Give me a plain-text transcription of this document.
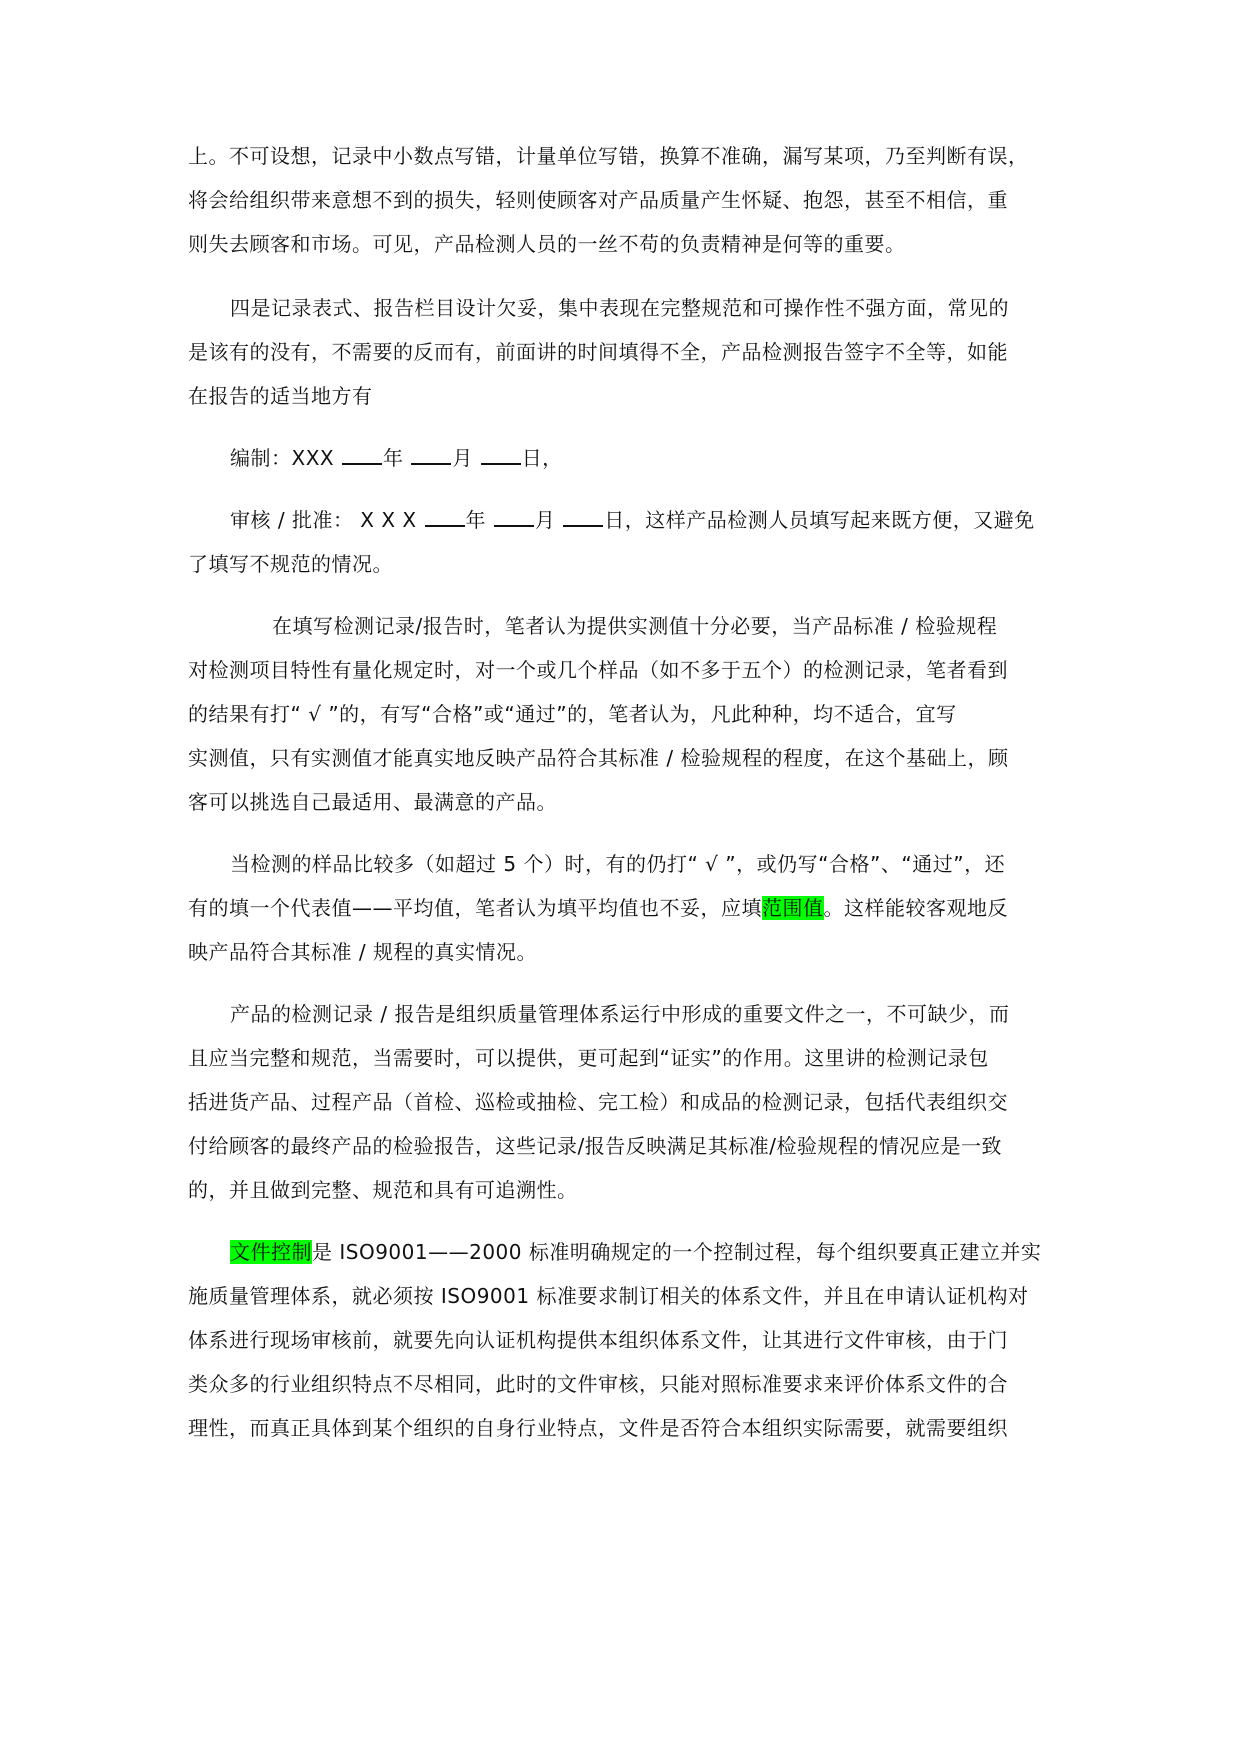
上。不可设想，记录中小数点写错，计量单位写错，换算不准确，漏写某项，乃至判断有误，
将会给组织带来意想不到的损失，轻则使顾客对产品质量产生怀疑、抱怨，甚至不相信，重
则失去顾客和市场。可见，产品检测人员的一丝不苟的负责精神是何等的重要。
四是记录表式、报告栏目设计欠妥，集中表现在完整规范和可操作性不强方面，常见的
是该有的没有，不需要的反而有，前面讲的时间填得不全，产品检测报告签字不全等，如能
在报告的适当地方有
编制：XXX 年 月 日，
审核 / 批准： X X X 年 月 日，这样产品检测人员填写起来既方便，又避免
了填写不规范的情况。
在填写检测记录/报告时，笔者认为提供实测值十分必要，当产品标准 / 检验规程
对检测项目特性有量化规定时，对一个或几个样品（如不多于五个）的检测记录，笔者看到
的结果有打“ √ ”的，有写“合格”或“通过”的，笔者认为，凡此种种，均不适合，宜写
实测值，只有实测值才能真实地反映产品符合其标准 / 检验规程的程度，在这个基础上，顾
客可以挑选自己最适用、最满意的产品。
当检测的样品比较多（如超过 5 个）时，有的仍打“ √ ”，或仍写“合格”、“通过”，还
有的填一个代表值——平均值，笔者认为填平均值也不妥，应填范围值。这样能较客观地反
映产品符合其标准 / 规程的真实情况。
产品的检测记录 / 报告是组织质量管理体系运行中形成的重要文件之一，不可缺少，而
且应当完整和规范，当需要时，可以提供，更可起到“证实”的作用。这里讲的检测记录包
括进货产品、过程产品（首检、巡检或抽检、完工检）和成品的检测记录，包括代表组织交
付给顾客的最终产品的检验报告，这些记录/报告反映满足其标准/检验规程的情况应是一致
的，并且做到完整、规范和具有可追溯性。
文件控制是 ISO9001——2000 标准明确规定的一个控制过程，每个组织要真正建立并实
施质量管理体系，就必须按 ISO9001 标准要求制订相关的体系文件，并且在申请认证机构对
体系进行现场审核前，就要先向认证机构提供本组织体系文件，让其进行文件审核，由于门
类众多的行业组织特点不尽相同，此时的文件审核，只能对照标准要求来评价体系文件的合
理性，而真正具体到某个组织的自身行业特点，文件是否符合本组织实际需要，就需要组织
